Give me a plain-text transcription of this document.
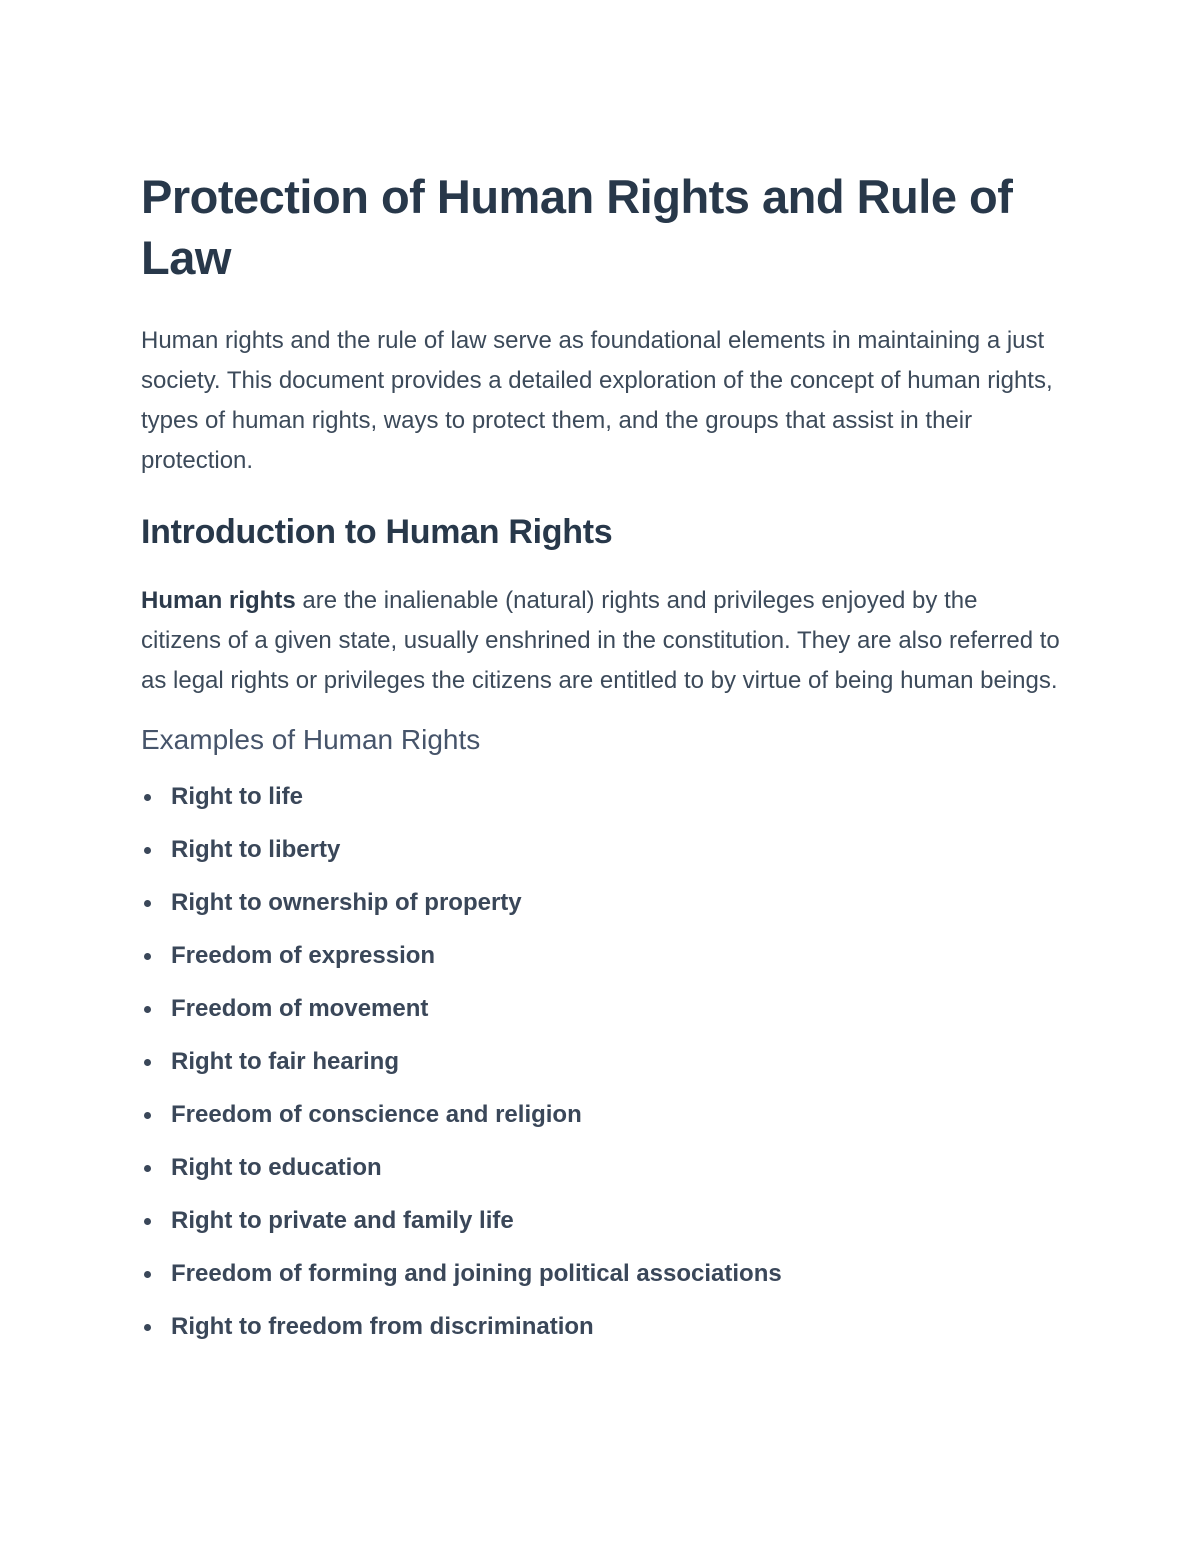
Protection of Human Rights and Rule of Law

Human rights and the rule of law serve as foundational elements in maintaining a just society. This document provides a detailed exploration of the concept of human rights, types of human rights, ways to protect them, and the groups that assist in their protection.

Introduction to Human Rights

Human rights are the inalienable (natural) rights and privileges enjoyed by the citizens of a given state, usually enshrined in the constitution. They are also referred to as legal rights or privileges the citizens are entitled to by virtue of being human beings.

Examples of Human Rights
Right to life
Right to liberty
Right to ownership of property
Freedom of expression
Freedom of movement
Right to fair hearing
Freedom of conscience and religion
Right to education
Right to private and family life
Freedom of forming and joining political associations
Right to freedom from discrimination
